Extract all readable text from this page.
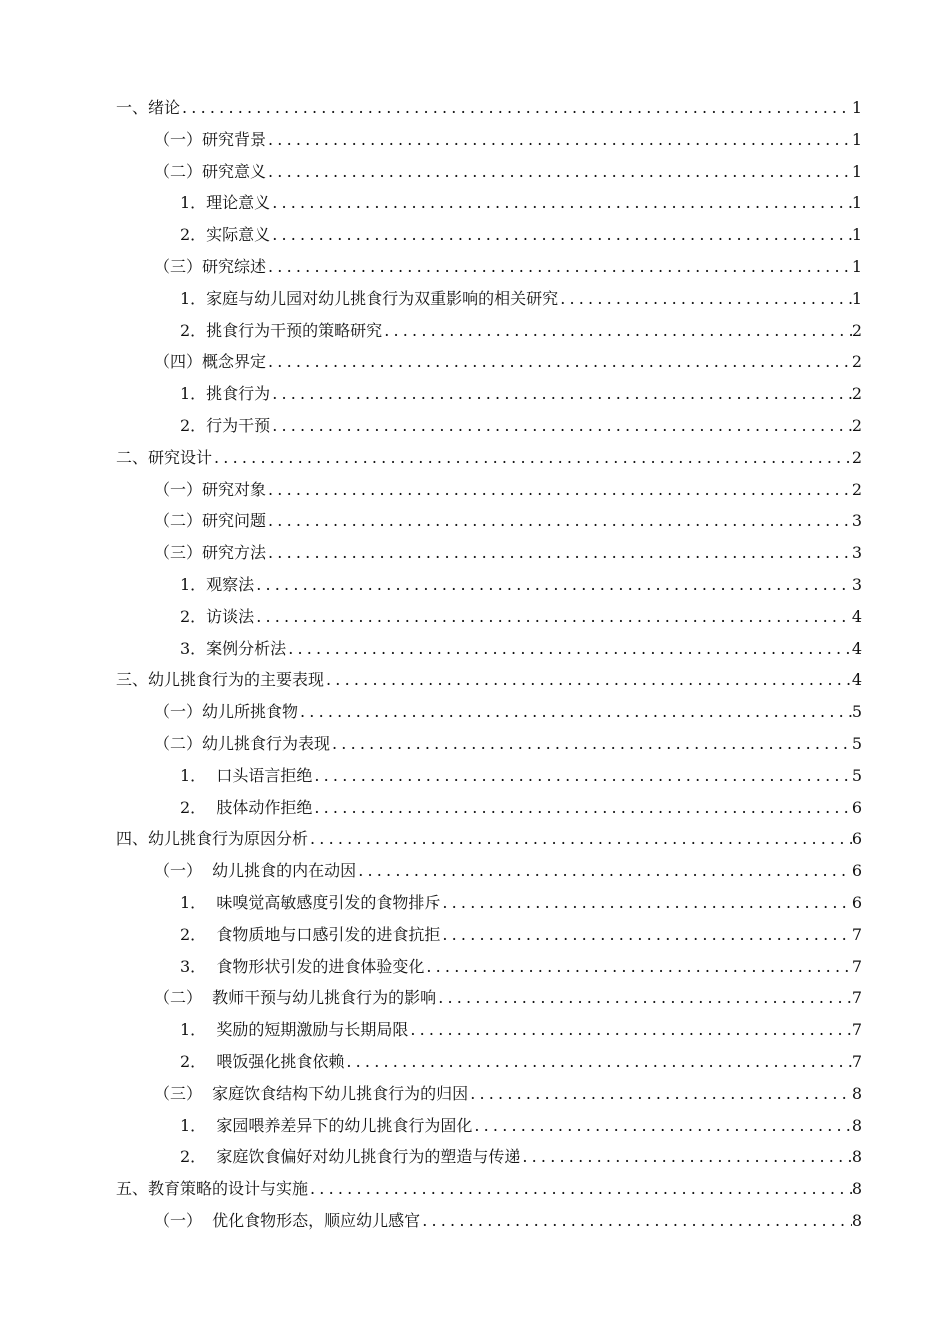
一、绪论 .....	1
（一）研究背景 .....	1
（二）研究意义 .....	1
1．理论意义 .....	1
2．实际意义 .....	1
（三）研究综述 .....	1
1．家庭与幼儿园对幼儿挑食行为双重影响的相关研究 .....	1
2．挑食行为干预的策略研究 .....	2
（四）概念界定 .....	2
1．挑食行为 .....	2
2．行为干预 .....	2
二、研究设计 .....	2
（一）研究对象 .....	2
（二）研究问题 .....	3
（三）研究方法 .....	3
1．观察法 .....	3
2．访谈法 .....	4
3．案例分析法 .....	4
三、幼儿挑食行为的主要表现 .....	4
（一）幼儿所挑食物 .....	5
（二）幼儿挑食行为表现 .....	5
1．  口头语言拒绝 .....	5
2．  肢体动作拒绝 .....	6
四、幼儿挑食行为原因分析 .....	6
（一）  幼儿挑食的内在动因 .....	6
1．  味嗅觉高敏感度引发的食物排斥 .....	6
2．  食物质地与口感引发的进食抗拒 .....	7
3．  食物形状引发的进食体验变化 .....	7
（二）  教师干预与幼儿挑食行为的影响 .....	7
1．  奖励的短期激励与长期局限 .....	7
2．  喂饭强化挑食依赖 .....	7
（三）  家庭饮食结构下幼儿挑食行为的归因 .....	8
1．  家园喂养差异下的幼儿挑食行为固化 .....	8
2．  家庭饮食偏好对幼儿挑食行为的塑造与传递 .....	8
五、教育策略的设计与实施 .....	8
（一）  优化食物形态，顺应幼儿感官 .....	8
